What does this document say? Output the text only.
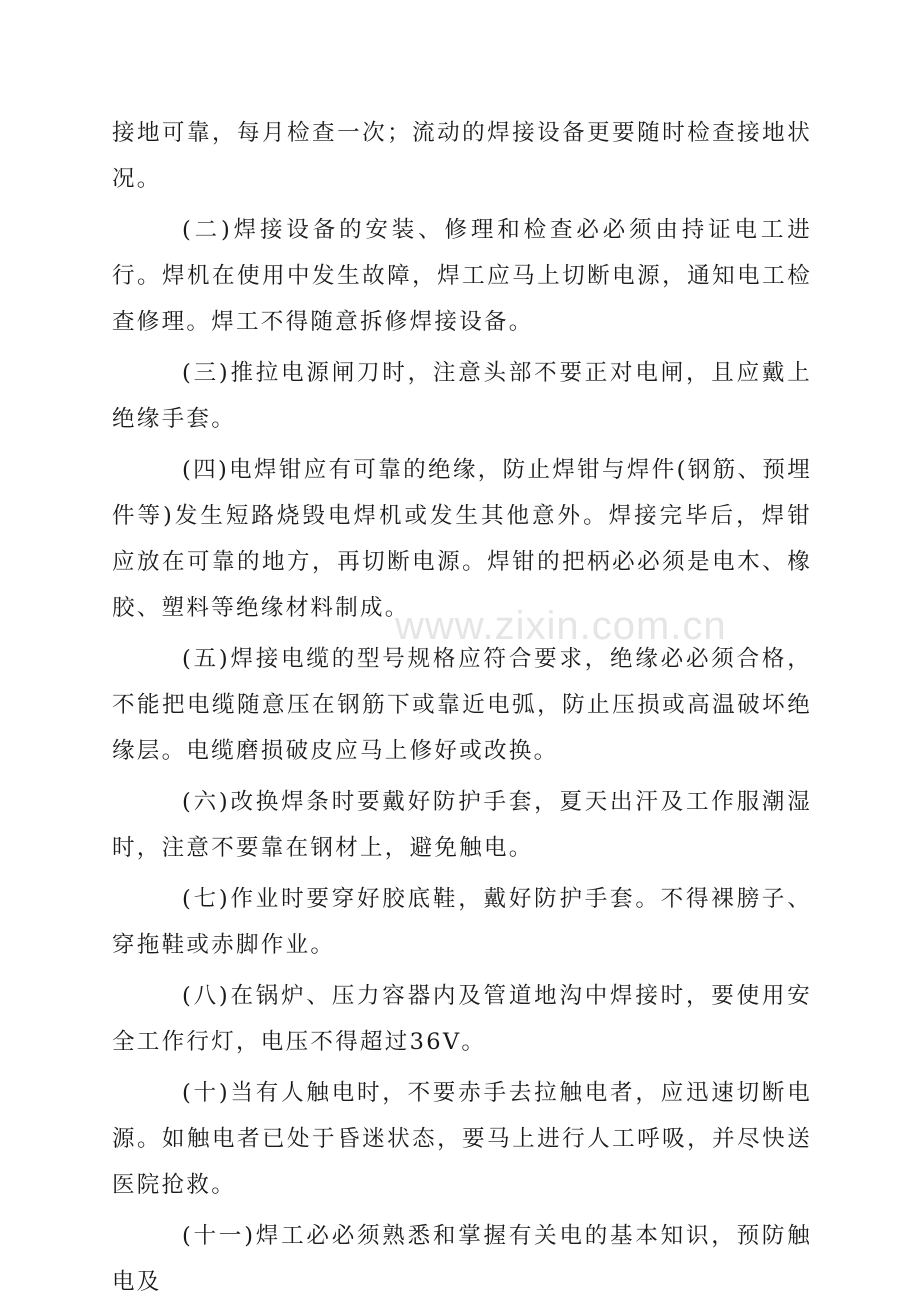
接地可靠，每月检查一次；流动的焊接设备更要随时检查接地状况。

(二)焊接设备的安装、修理和检查必必须由持证电工进行。焊机在使用中发生故障，焊工应马上切断电源，通知电工检查修理。焊工不得随意拆修焊接设备。

(三)推拉电源闸刀时，注意头部不要正对电闸，且应戴上绝缘手套。

(四)电焊钳应有可靠的绝缘，防止焊钳与焊件(钢筋、预埋件等)发生短路烧毁电焊机或发生其他意外。焊接完毕后，焊钳应放在可靠的地方，再切断电源。焊钳的把柄必必须是电木、橡胶、塑料等绝缘材料制成。

(五)焊接电缆的型号规格应符合要求，绝缘必必须合格，不能把电缆随意压在钢筋下或靠近电弧，防止压损或高温破坏绝缘层。电缆磨损破皮应马上修好或改换。

(六)改换焊条时要戴好防护手套，夏天出汗及工作服潮湿时，注意不要靠在钢材上，避免触电。

(七)作业时要穿好胶底鞋，戴好防护手套。不得裸膀子、穿拖鞋或赤脚作业。

(八)在锅炉、压力容器内及管道地沟中焊接时，要使用安全工作行灯，电压不得超过36V。

(十)当有人触电时，不要赤手去拉触电者，应迅速切断电源。如触电者已处于昏迷状态，要马上进行人工呼吸，并尽快送医院抢救。

(十一)焊工必必须熟悉和掌握有关电的基本知识，预防触电及

www.zixin.com.cn
